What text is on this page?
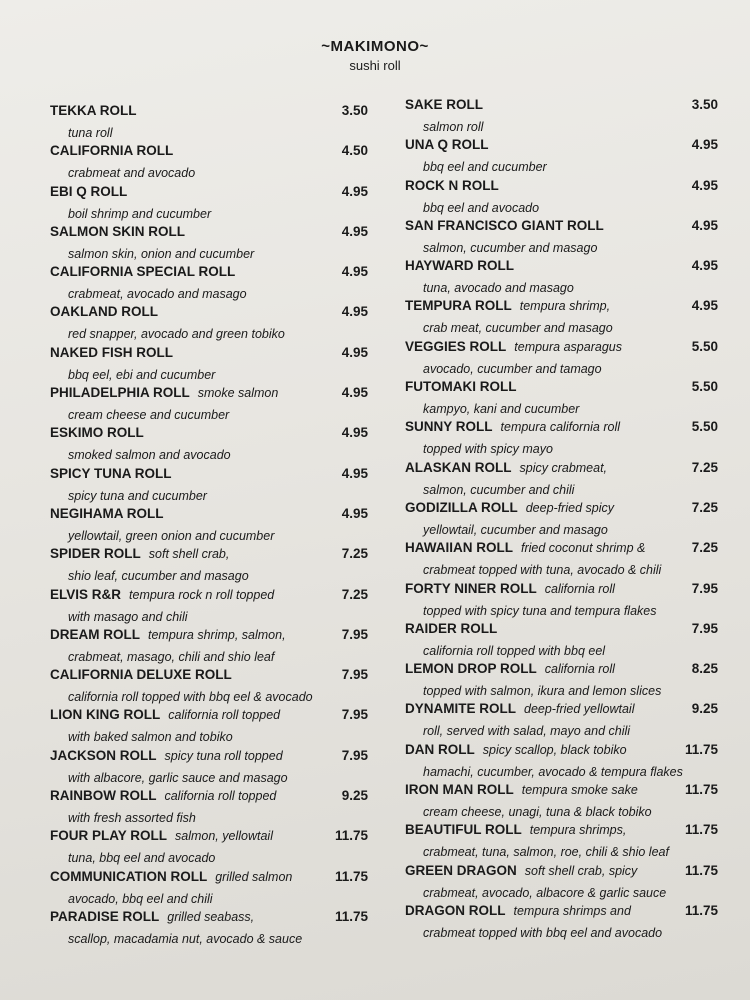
~MAKIMONO~
sushi roll
TEKKA ROLL	3.50
tuna roll
CALIFORNIA ROLL	4.50
crabmeat and avocado
EBI Q ROLL	4.95
boil shrimp and cucumber
SALMON SKIN ROLL	4.95
salmon skin, onion and cucumber
CALIFORNIA SPECIAL ROLL	4.95
crabmeat, avocado and masago
OAKLAND ROLL	4.95
red snapper, avocado and green tobiko
NAKED FISH ROLL	4.95
bbq eel, ebi and cucumber
PHILADELPHIA ROLL smoke salmon	4.95
cream cheese and cucumber
ESKIMO ROLL	4.95
smoked salmon and avocado
SPICY TUNA ROLL	4.95
spicy tuna and cucumber
NEGIHAMA ROLL	4.95
yellowtail, green onion and cucumber
SPIDER ROLL soft shell crab,	7.25
shio leaf, cucumber and masago
ELVIS R&R tempura rock n roll topped	7.25
with masago and chili
DREAM ROLL tempura shrimp, salmon,	7.95
crabmeat, masago, chili and shio leaf
CALIFORNIA DELUXE ROLL	7.95
california roll topped with bbq eel & avocado
LION KING ROLL california roll topped	7.95
with baked salmon and tobiko
JACKSON ROLL spicy tuna roll topped	7.95
with albacore, garlic sauce and masago
RAINBOW ROLL california roll topped	9.25
with fresh assorted fish
FOUR PLAY ROLL salmon, yellowtail	11.75
tuna, bbq eel and avocado
COMMUNICATION ROLL grilled salmon	11.75
avocado, bbq eel and chili
PARADISE ROLL grilled seabass,	11.75
scallop, macadamia nut, avocado & sauce
SAKE ROLL	3.50
salmon roll
UNA Q ROLL	4.95
bbq eel and cucumber
ROCK N ROLL	4.95
bbq eel and avocado
SAN FRANCISCO GIANT ROLL	4.95
salmon, cucumber and masago
HAYWARD ROLL	4.95
tuna, avocado and masago
TEMPURA ROLL tempura shrimp,	4.95
crab meat, cucumber and masago
VEGGIES ROLL tempura asparagus	5.50
avocado, cucumber and tamago
FUTOMAKI ROLL	5.50
kampyo, kani and cucumber
SUNNY ROLL tempura california roll	5.50
topped with spicy mayo
ALASKAN ROLL spicy crabmeat,	7.25
salmon, cucumber and chili
GODIZILLA ROLL deep-fried spicy	7.25
yellowtail, cucumber and masago
HAWAIIAN ROLL fried coconut shrimp &	7.25
crabmeat topped with tuna, avocado & chili
FORTY NINER ROLL california roll	7.95
topped with spicy tuna and tempura flakes
RAIDER ROLL	7.95
california roll topped with bbq eel
LEMON DROP ROLL california roll	8.25
topped with salmon, ikura and lemon slices
DYNAMITE ROLL deep-fried yellowtail	9.25
roll, served with salad, mayo and chili
DAN ROLL spicy scallop, black tobiko	11.75
hamachi, cucumber, avocado & tempura flakes
IRON MAN ROLL tempura smoke sake	11.75
cream cheese, unagi, tuna & black tobiko
BEAUTIFUL ROLL tempura shrimps,	11.75
crabmeat, tuna, salmon, roe, chili & shio leaf
GREEN DRAGON soft shell crab, spicy	11.75
crabmeat, avocado, albacore & garlic sauce
DRAGON ROLL tempura shrimps and	11.75
crabmeat topped with bbq eel and avocado
